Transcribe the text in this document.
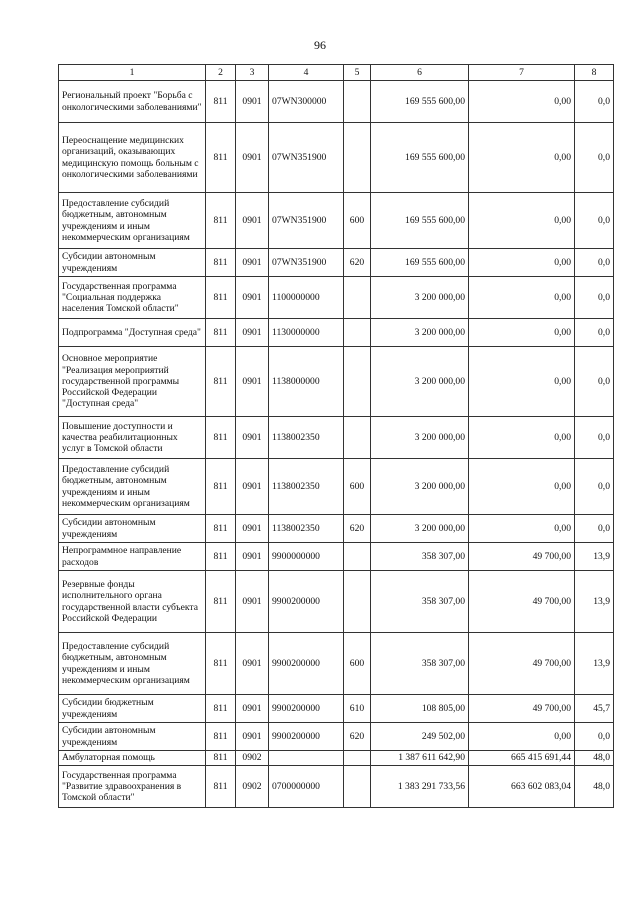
96
1	2	3	4	5	6	7	8
Региональный проект "Борьба с онкологическими заболеваниями"	811	0901	07WN300000		169 555 600,00	0,00	0,0
Переоснащение медицинских организаций, оказывающих медицинскую помощь больным с онкологическими заболеваниями	811	0901	07WN351900		169 555 600,00	0,00	0,0
Предоставление субсидий бюджетным, автономным учреждениям и иным некоммерческим организациям	811	0901	07WN351900	600	169 555 600,00	0,00	0,0
Субсидии автономным учреждениям	811	0901	07WN351900	620	169 555 600,00	0,00	0,0
Государственная программа "Социальная поддержка населения Томской области"	811	0901	1100000000		3 200 000,00	0,00	0,0
Подпрограмма "Доступная среда"	811	0901	1130000000		3 200 000,00	0,00	0,0
Основное мероприятие "Реализация мероприятий государственной программы Российской Федерации "Доступная среда"	811	0901	1138000000		3 200 000,00	0,00	0,0
Повышение доступности и качества реабилитационных услуг в Томской области	811	0901	1138002350		3 200 000,00	0,00	0,0
Предоставление субсидий бюджетным, автономным учреждениям и иным некоммерческим организациям	811	0901	1138002350	600	3 200 000,00	0,00	0,0
Субсидии автономным учреждениям	811	0901	1138002350	620	3 200 000,00	0,00	0,0
Непрограммное направление расходов	811	0901	9900000000		358 307,00	49 700,00	13,9
Резервные фонды исполнительного органа государственной власти субъекта Российской Федерации	811	0901	9900200000		358 307,00	49 700,00	13,9
Предоставление субсидий бюджетным, автономным учреждениям и иным некоммерческим организациям	811	0901	9900200000	600	358 307,00	49 700,00	13,9
Субсидии бюджетным учреждениям	811	0901	9900200000	610	108 805,00	49 700,00	45,7
Субсидии автономным учреждениям	811	0901	9900200000	620	249 502,00	0,00	0,0
Амбулаторная помощь	811	0902			1 387 611 642,90	665 415 691,44	48,0
Государственная программа "Развитие здравоохранения в Томской области"	811	0902	0700000000		1 383 291 733,56	663 602 083,04	48,0
